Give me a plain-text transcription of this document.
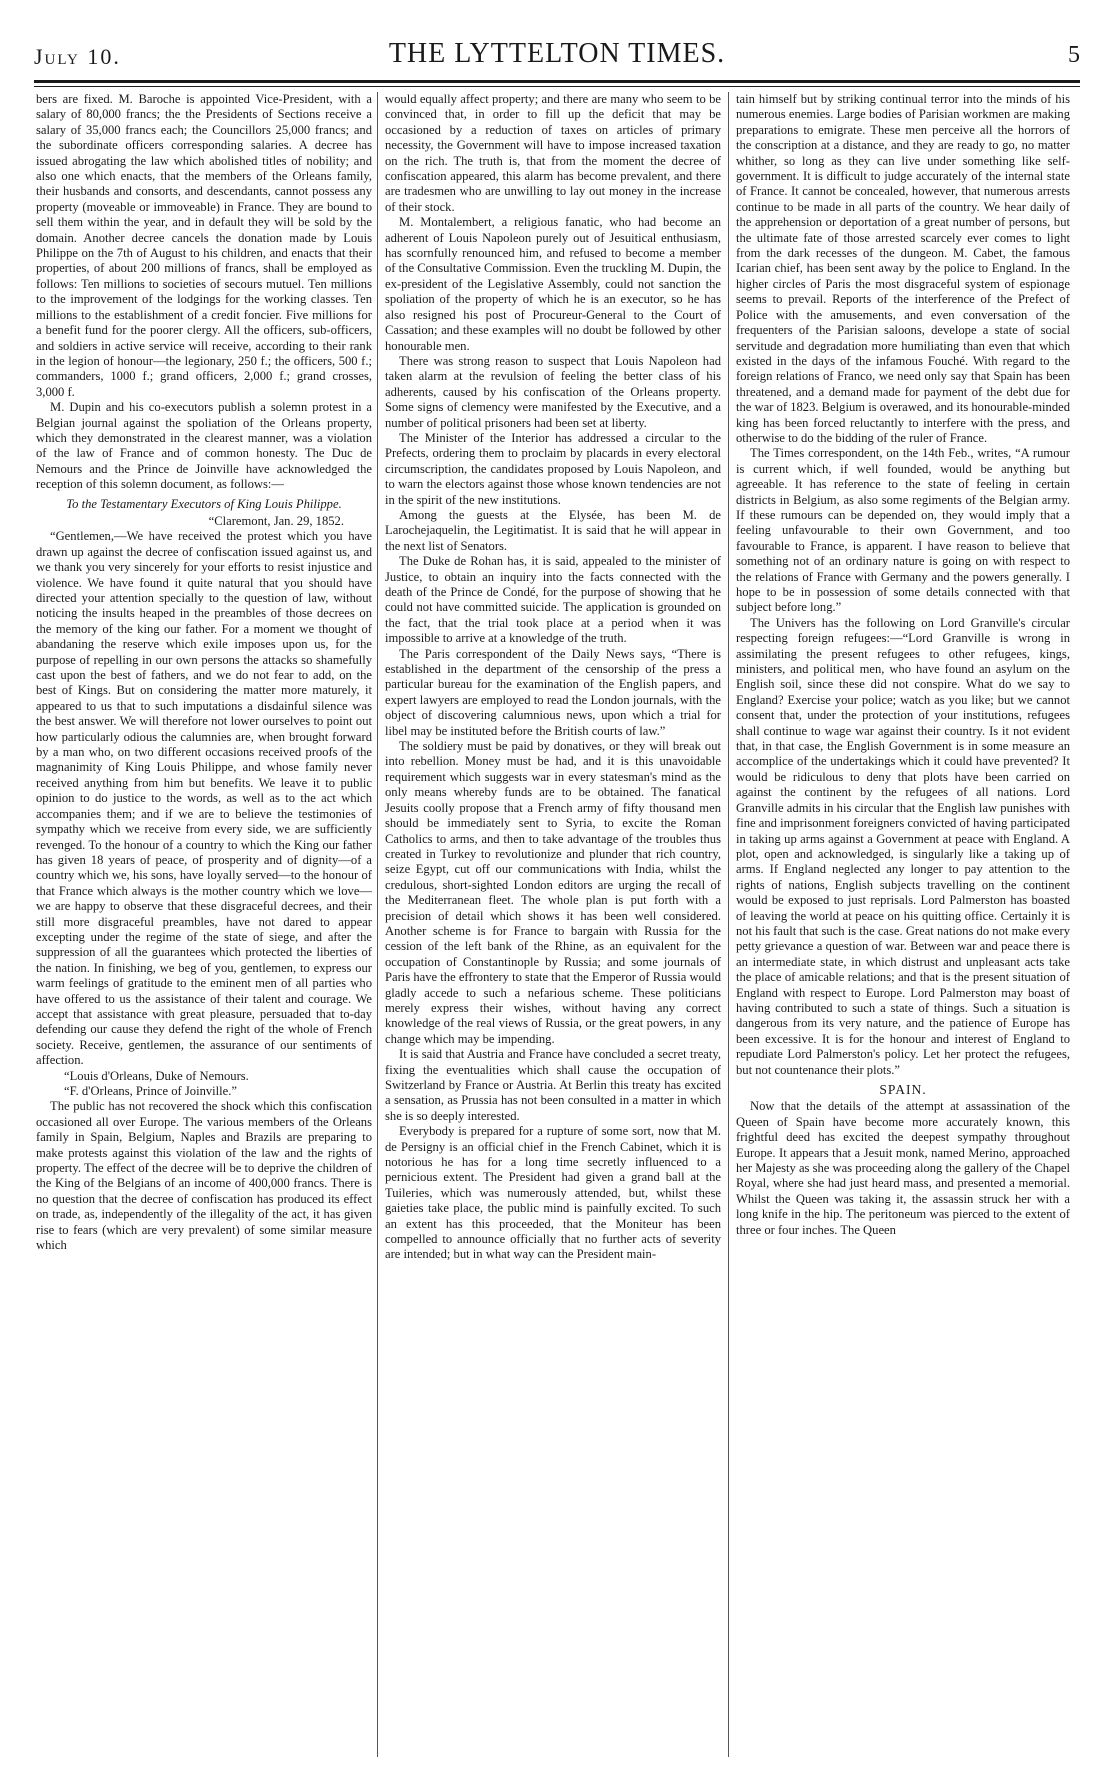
July 10.	THE LYTTELTON TIMES.	5

bers are fixed. M. Baroche is appointed Vice-President, with a salary of 80,000 francs; the the Presidents of Sections receive a salary of 35,000 francs each; the Councillors 25,000 francs; and the subordinate officers corresponding salaries. A decree has issued abrogating the law which abolished titles of nobility; and also one which enacts, that the members of the Orleans family, their husbands and consorts, and descendants, cannot possess any property (moveable or immoveable) in France. They are bound to sell them within the year, and in default they will be sold by the domain. Another decree cancels the donation made by Louis Philippe on the 7th of August to his children, and enacts that their properties, of about 200 millions of francs, shall be employed as follows: Ten millions to societies of secours mutuel. Ten millions to the improvement of the lodgings for the working classes. Ten millions to the establishment of a credit foncier. Five millions for a benefit fund for the poorer clergy. All the officers, sub-officers, and soldiers in active service will receive, according to their rank in the legion of honour—the legionary, 250 f.; the officers, 500 f.; commanders, 1000 f.; grand officers, 2,000 f.; grand crosses, 3,000 f.

M. Dupin and his co-executors publish a solemn protest in a Belgian journal against the spoliation of the Orleans property, which they demonstrated in the clearest manner, was a violation of the law of France and of common honesty. The Duc de Nemours and the Prince de Joinville have acknowledged the reception of this solemn document, as follows:—

To the Testamentary Executors of King Louis Philippe.

“Claremont, Jan. 29, 1852.

“Gentlemen,—We have received the protest which you have drawn up against the decree of confiscation issued against us, and we thank you very sincerely for your efforts to resist injustice and violence. We have found it quite natural that you should have directed your attention specially to the question of law, without noticing the insults heaped in the preambles of those decrees on the memory of the king our father. For a moment we thought of abandaning the reserve which exile imposes upon us, for the purpose of repelling in our own persons the attacks so shamefully cast upon the best of fathers, and we do not fear to add, on the best of Kings. But on considering the matter more maturely, it appeared to us that to such imputations a disdainful silence was the best answer. We will therefore not lower ourselves to point out how particularly odious the calumnies are, when brought forward by a man who, on two different occasions received proofs of the magnanimity of King Louis Philippe, and whose family never received anything from him but benefits. We leave it to public opinion to do justice to the words, as well as to the act which accompanies them; and if we are to believe the testimonies of sympathy which we receive from every side, we are sufficiently revenged. To the honour of a country to which the King our father has given 18 years of peace, of prosperity and of dignity—of a country which we, his sons, have loyally served—to the honour of that France which always is the mother country which we love—we are happy to observe that these disgraceful decrees, and their still more disgraceful preambles, have not dared to appear excepting under the regime of the state of siege, and after the suppression of all the guarantees which protected the liberties of the nation. In finishing, we beg of you, gentlemen, to express our warm feelings of gratitude to the eminent men of all parties who have offered to us the assistance of their talent and courage. We accept that assistance with great pleasure, persuaded that to-day defending our cause they defend the right of the whole of French society. Receive, gentlemen, the assurance of our sentiments of affection.

“Louis d'Orleans, Duke of Nemours.

“F. d'Orleans, Prince of Joinville.”

The public has not recovered the shock which this confiscation occasioned all over Europe. The various members of the Orleans family in Spain, Belgium, Naples and Brazils are preparing to make protests against this violation of the law and the rights of property. The effect of the decree will be to deprive the children of the King of the Belgians of an income of 400,000 francs. There is no question that the decree of confiscation has produced its effect on trade, as, independently of the illegality of the act, it has given rise to fears (which are very prevalent) of some similar measure which

would equally affect property; and there are many who seem to be convinced that, in order to fill up the deficit that may be occasioned by a reduction of taxes on articles of primary necessity, the Government will have to impose increased taxation on the rich. The truth is, that from the moment the decree of confiscation appeared, this alarm has become prevalent, and there are tradesmen who are unwilling to lay out money in the increase of their stock.

M. Montalembert, a religious fanatic, who had become an adherent of Louis Napoleon purely out of Jesuitical enthusiasm, has scornfully renounced him, and refused to become a member of the Consultative Commission. Even the truckling M. Dupin, the ex-president of the Legislative Assembly, could not sanction the spoliation of the property of which he is an executor, so he has also resigned his post of Procureur-General to the Court of Cassation; and these examples will no doubt be followed by other honourable men.

There was strong reason to suspect that Louis Napoleon had taken alarm at the revulsion of feeling the better class of his adherents, caused by his confiscation of the Orleans property. Some signs of clemency were manifested by the Executive, and a number of political prisoners had been set at liberty.

The Minister of the Interior has addressed a circular to the Prefects, ordering them to proclaim by placards in every electoral circumscription, the candidates proposed by Louis Napoleon, and to warn the electors against those whose known tendencies are not in the spirit of the new institutions.

Among the guests at the Elysée, has been M. de Larochejaquelin, the Legitimatist. It is said that he will appear in the next list of Senators.

The Duke de Rohan has, it is said, appealed to the minister of Justice, to obtain an inquiry into the facts connected with the death of the Prince de Condé, for the purpose of showing that he could not have committed suicide. The application is grounded on the fact, that the trial took place at a period when it was impossible to arrive at a knowledge of the truth.

The Paris correspondent of the Daily News says, “There is established in the department of the censorship of the press a particular bureau for the examination of the English papers, and expert lawyers are employed to read the London journals, with the object of discovering calumnious news, upon which a trial for libel may be instituted before the British courts of law.”

The soldiery must be paid by donatives, or they will break out into rebellion. Money must be had, and it is this unavoidable requirement which suggests war in every statesman's mind as the only means whereby funds are to be obtained. The fanatical Jesuits coolly propose that a French army of fifty thousand men should be immediately sent to Syria, to excite the Roman Catholics to arms, and then to take advantage of the troubles thus created in Turkey to revolutionize and plunder that rich country, seize Egypt, cut off our communications with India, whilst the credulous, short-sighted London editors are urging the recall of the Mediterranean fleet. The whole plan is put forth with a precision of detail which shows it has been well considered. Another scheme is for France to bargain with Russia for the cession of the left bank of the Rhine, as an equivalent for the occupation of Constantinople by Russia; and some journals of Paris have the effrontery to state that the Emperor of Russia would gladly accede to such a nefarious scheme. These politicians merely express their wishes, without having any correct knowledge of the real views of Russia, or the great powers, in any change which may be impending.

It is said that Austria and France have concluded a secret treaty, fixing the eventualities which shall cause the occupation of Switzerland by France or Austria. At Berlin this treaty has excited a sensation, as Prussia has not been consulted in a matter in which she is so deeply interested.

Everybody is prepared for a rupture of some sort, now that M. de Persigny is an official chief in the French Cabinet, which it is notorious he has for a long time secretly influenced to a pernicious extent. The President had given a grand ball at the Tuileries, which was numerously attended, but, whilst these gaieties take place, the public mind is painfully excited. To such an extent has this proceeded, that the Moniteur has been compelled to announce officially that no further acts of severity are intended; but in what way can the President main-

tain himself but by striking continual terror into the minds of his numerous enemies. Large bodies of Parisian workmen are making preparations to emigrate. These men perceive all the horrors of the conscription at a distance, and they are ready to go, no matter whither, so long as they can live under something like self-government. It is difficult to judge accurately of the internal state of France. It cannot be concealed, however, that numerous arrests continue to be made in all parts of the country. We hear daily of the apprehension or deportation of a great number of persons, but the ultimate fate of those arrested scarcely ever comes to light from the dark recesses of the dungeon. M. Cabet, the famous Icarian chief, has been sent away by the police to England. In the higher circles of Paris the most disgraceful system of espionage seems to prevail. Reports of the interference of the Prefect of Police with the amusements, and even conversation of the frequenters of the Parisian saloons, develope a state of social servitude and degradation more humiliating than even that which existed in the days of the infamous Fouché. With regard to the foreign relations of Franco, we need only say that Spain has been threatened, and a demand made for payment of the debt due for the war of 1823. Belgium is overawed, and its honourable-minded king has been forced reluctantly to interfere with the press, and otherwise to do the bidding of the ruler of France.

The Times correspondent, on the 14th Feb., writes, “A rumour is current which, if well founded, would be anything but agreeable. It has reference to the state of feeling in certain districts in Belgium, as also some regiments of the Belgian army. If these rumours can be depended on, they would imply that a feeling unfavourable to their own Government, and too favourable to France, is apparent. I have reason to believe that something not of an ordinary nature is going on with respect to the relations of France with Germany and the powers generally. I hope to be in possession of some details connected with that subject before long.”

The Univers has the following on Lord Granville's circular respecting foreign refugees:—“Lord Granville is wrong in assimilating the present refugees to other refugees, kings, ministers, and political men, who have found an asylum on the English soil, since these did not conspire. What do we say to England? Exercise your police; watch as you like; but we cannot consent that, under the protection of your institutions, refugees shall continue to wage war against their country. Is it not evident that, in that case, the English Government is in some measure an accomplice of the undertakings which it could have prevented? It would be ridiculous to deny that plots have been carried on against the continent by the refugees of all nations. Lord Granville admits in his circular that the English law punishes with fine and imprisonment foreigners convicted of having participated in taking up arms against a Government at peace with England. A plot, open and acknowledged, is singularly like a taking up of arms. If England neglected any longer to pay attention to the rights of nations, English subjects travelling on the continent would be exposed to just reprisals. Lord Palmerston has boasted of leaving the world at peace on his quitting office. Certainly it is not his fault that such is the case. Great nations do not make every petty grievance a question of war. Between war and peace there is an intermediate state, in which distrust and unpleasant acts take the place of amicable relations; and that is the present situation of England with respect to Europe. Lord Palmerston may boast of having contributed to such a state of things. Such a situation is dangerous from its very nature, and the patience of Europe has been excessive. It is for the honour and interest of England to repudiate Lord Palmerston's policy. Let her protect the refugees, but not countenance their plots.”

SPAIN.

Now that the details of the attempt at assassination of the Queen of Spain have become more accurately known, this frightful deed has excited the deepest sympathy throughout Europe. It appears that a Jesuit monk, named Merino, approached her Majesty as she was proceeding along the gallery of the Chapel Royal, where she had just heard mass, and presented a memorial. Whilst the Queen was taking it, the assassin struck her with a long knife in the hip. The peritoneum was pierced to the extent of three or four inches. The Queen
